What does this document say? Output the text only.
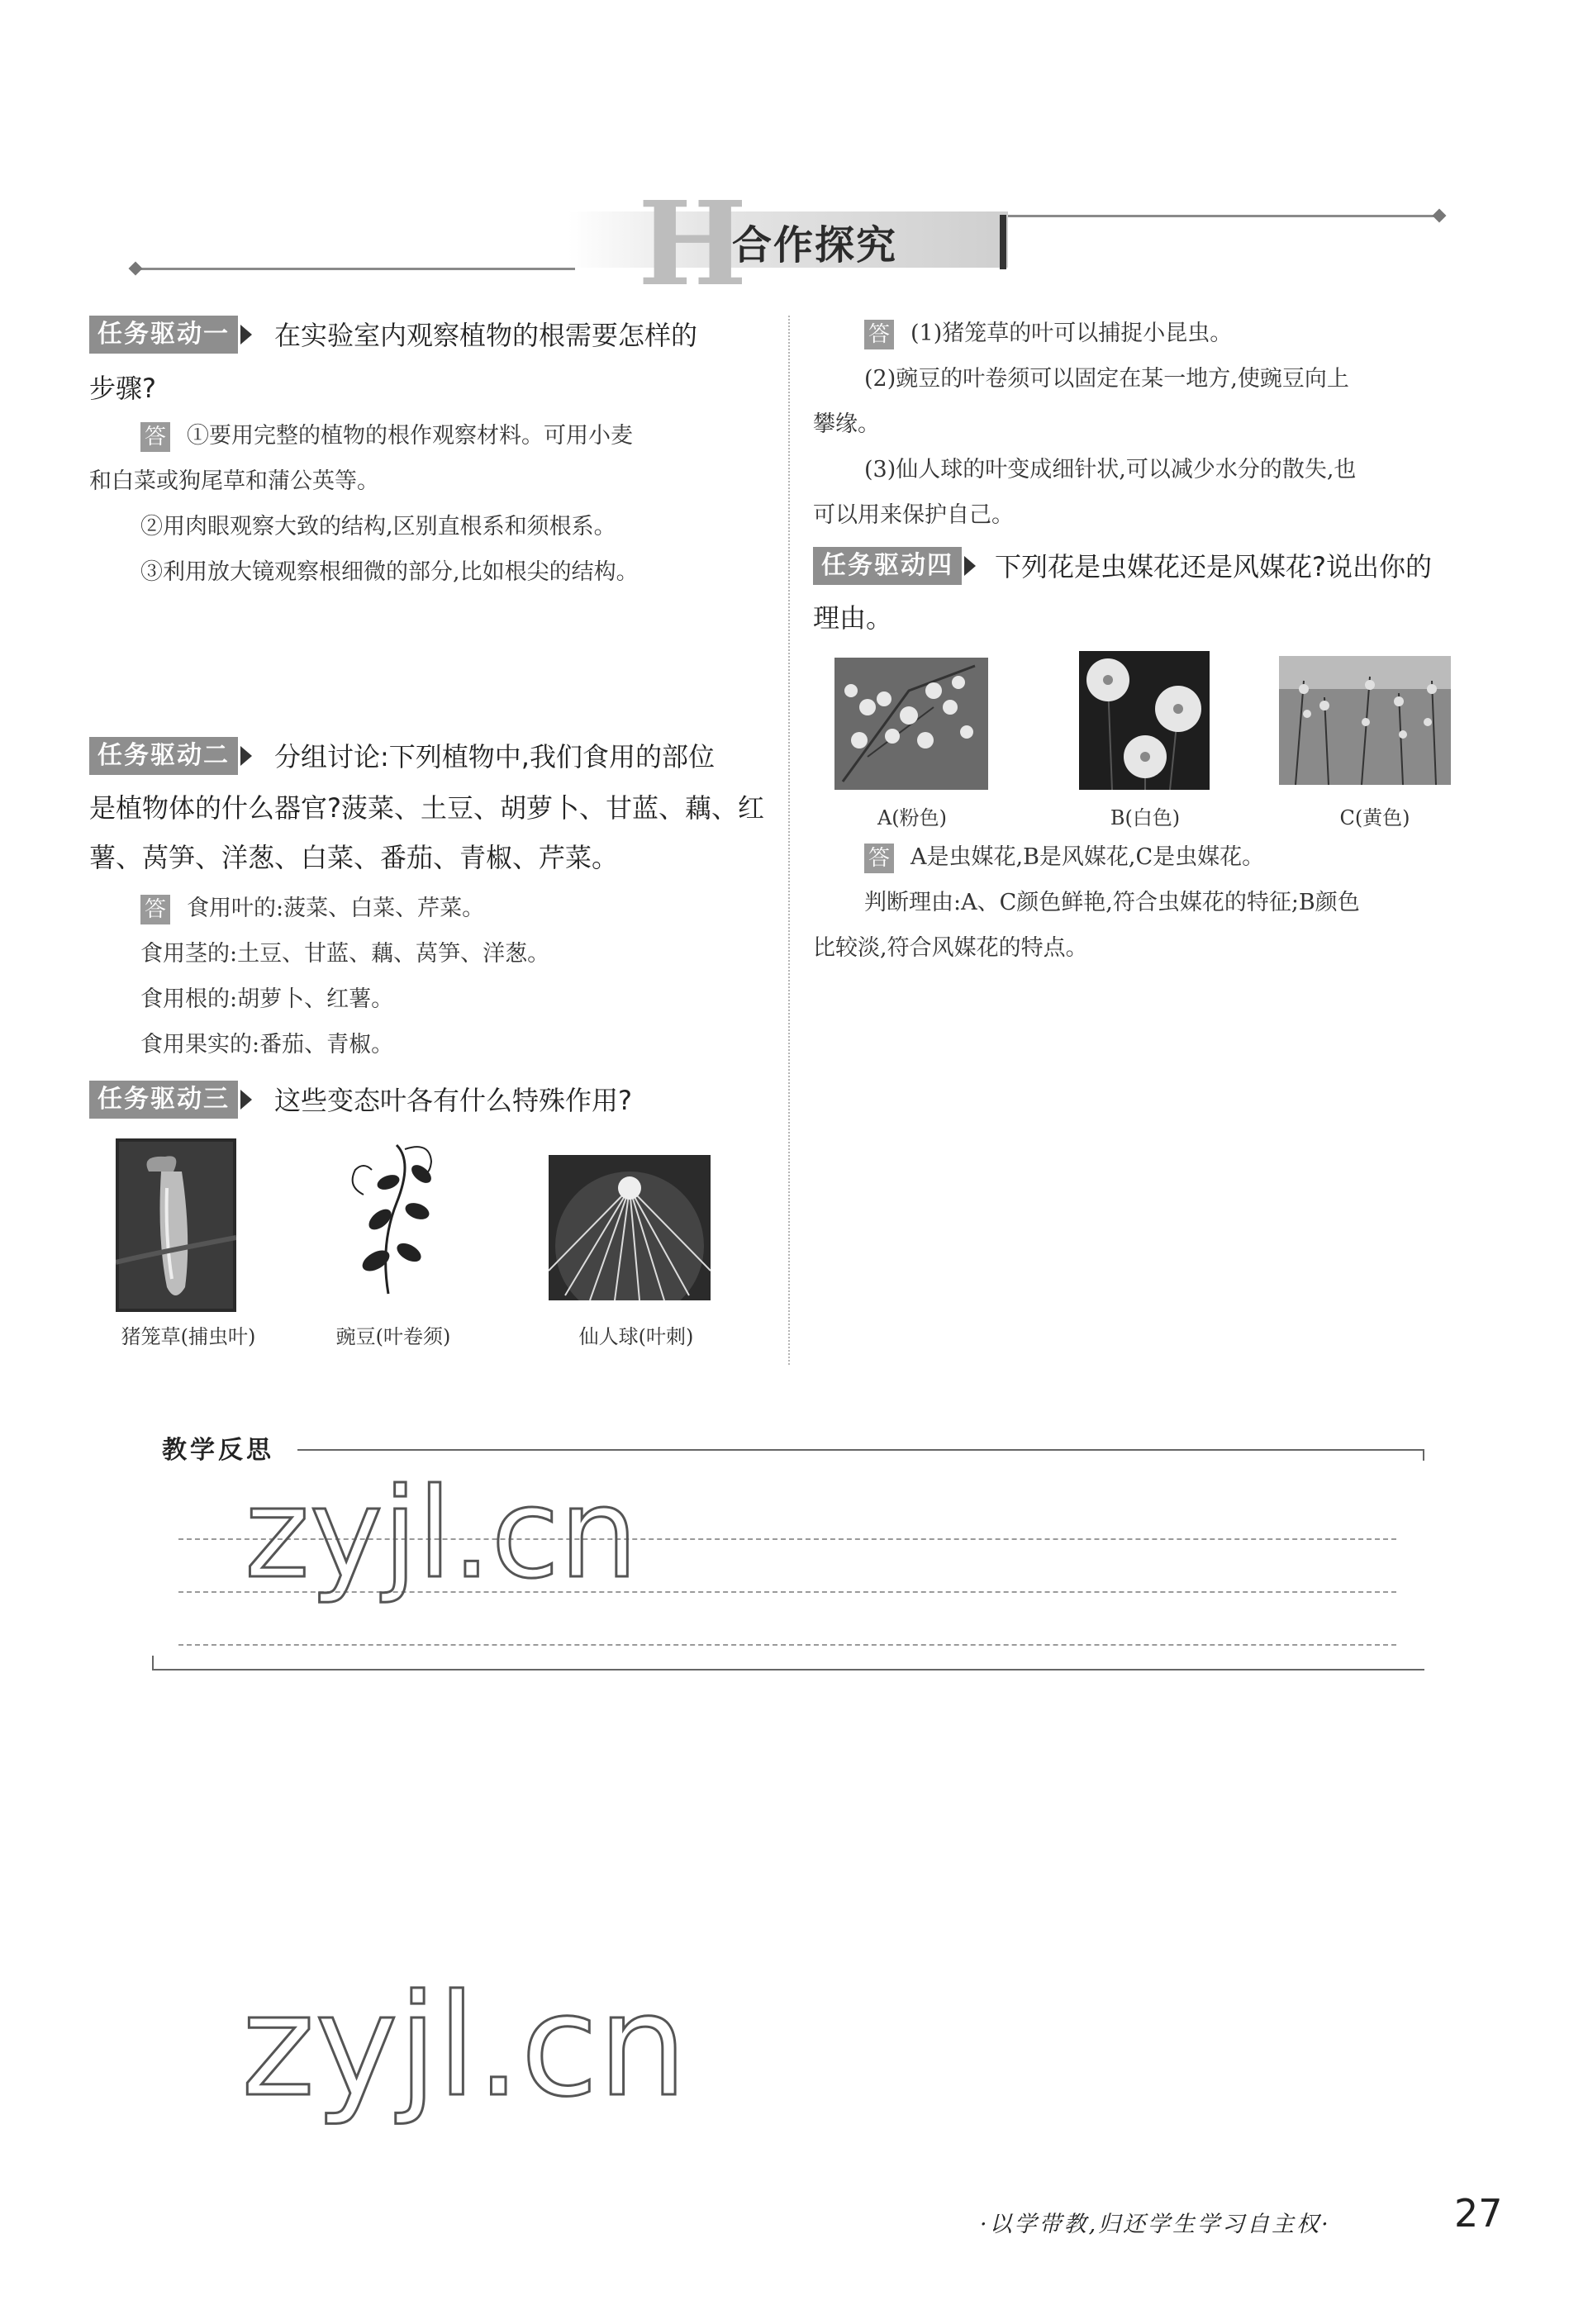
H
合作探究
任务驱动一	在实验室内观察植物的根需要怎样的
步骤?
答 ①要用完整的植物的根作观察材料。可用小麦
和白菜或狗尾草和蒲公英等。
②用肉眼观察大致的结构,区别直根系和须根系。
③利用放大镜观察根细微的部分,比如根尖的结构。
任务驱动二	分组讨论:下列植物中,我们食用的部位
是植物体的什么器官?菠菜、土豆、胡萝卜、甘蓝、藕、红
薯、莴笋、洋葱、白菜、番茄、青椒、芹菜。
答 食用叶的:菠菜、白菜、芹菜。
食用茎的:土豆、甘蓝、藕、莴笋、洋葱。
食用根的:胡萝卜、红薯。
食用果实的:番茄、青椒。
任务驱动三	这些变态叶各有什么特殊作用?
猪笼草(捕虫叶)	豌豆(叶卷须)	仙人球(叶刺)
答 (1)猪笼草的叶可以捕捉小昆虫。
(2)豌豆的叶卷须可以固定在某一地方,使豌豆向上
攀缘。
(3)仙人球的叶变成细针状,可以减少水分的散失,也
可以用来保护自己。
任务驱动四	下列花是虫媒花还是风媒花?说出你的
理由。
A(粉色)	B(白色)	C(黄色)
答 A是虫媒花,B是风媒花,C是虫媒花。
判断理由:A、C颜色鲜艳,符合虫媒花的特征;B颜色
比较淡,符合风媒花的特点。
教学反思
zyjl.cn
zyjl.cn
·以学带教,归还学生学习自主权·	27
